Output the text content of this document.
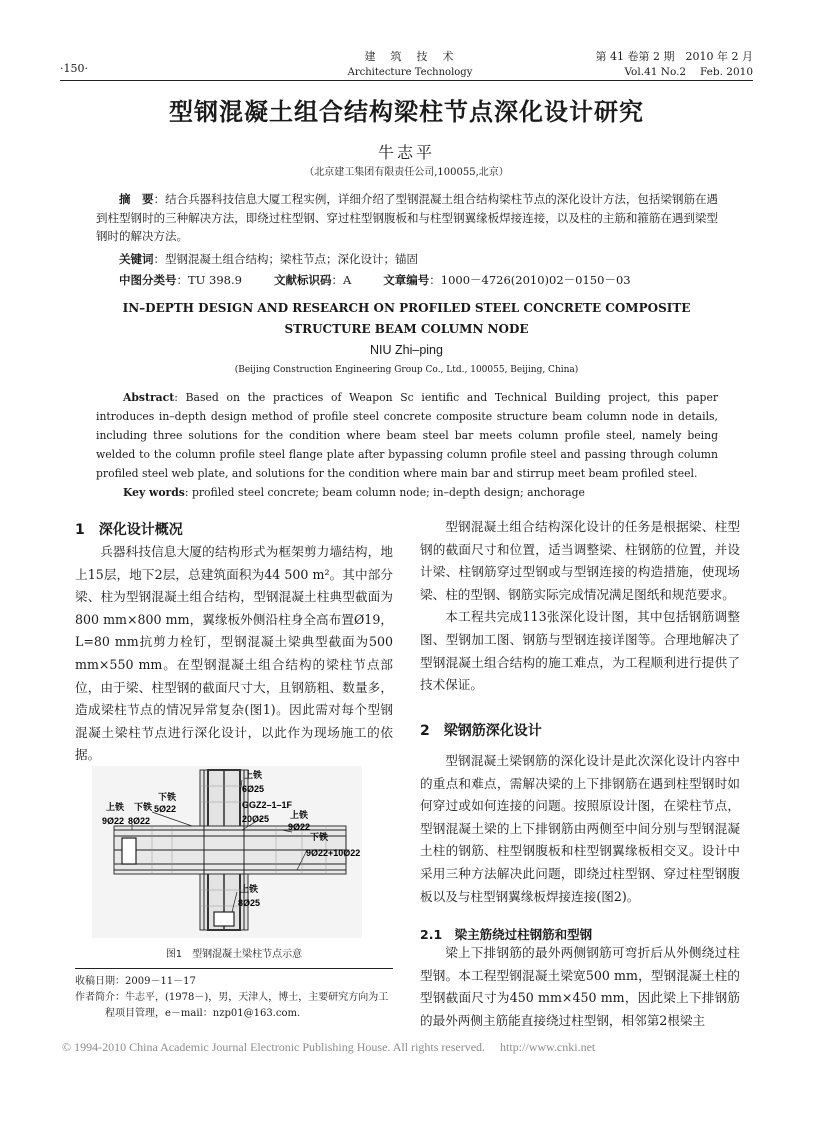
·150·
建　筑　技　术
Architecture Technology
第 41 卷第 2 期　2010 年 2 月
Vol.41 No.2　 Feb. 2010
型钢混凝土组合结构梁柱节点深化设计研究
牛志平
（北京建工集团有限责任公司,100055,北京）
摘　要：结合兵器科技信息大厦工程实例，详细介绍了型钢混凝土组合结构梁柱节点的深化设计方法，包括梁钢筋在遇到柱型钢时的三种解决方法，即绕过柱型钢、穿过柱型钢腹板和与柱型钢翼缘板焊接连接，以及柱的主筋和箍筋在遇到梁型钢时的解决方法。
关键词：型钢混凝土组合结构；梁柱节点；深化设计；锚固
中图分类号：TU 398.9	文献标识码：A	文章编号：1000－4726(2010)02－0150－03
IN–DEPTH DESIGN AND RESEARCH ON PROFILED STEEL CONCRETE COMPOSITE
STRUCTURE BEAM COLUMN NODE
NIU Zhi–ping
(Beijing Construction Engineering Group Co., Ltd., 100055, Beijing, China)
Abstract: Based on the practices of Weapon Sc ientific and Technical Building project, this paper introduces in–depth design method of profile steel concrete composite structure beam column node in details, including three solutions for the condition where beam steel bar meets column profile steel, namely being welded to the column profile steel flange plate after bypassing column profile steel and passing through column profiled steel web plate, and solutions for the condition where main bar and stirrup meet beam profiled steel.
Key words: profiled steel concrete; beam column node; in–depth design; anchorage
1　深化设计概况

兵器科技信息大厦的结构形式为框架剪力墙结构，地上15层，地下2层，总建筑面积为44 500 m²。其中部分梁、柱为型钢混凝土组合结构，型钢混凝土柱典型截面为800 mm×800 mm，翼缘板外侧沿柱身全高布置Ø19，L=80 mm抗剪力栓钉，型钢混凝土梁典型截面为500 mm×550 mm。在型钢混凝土组合结构的梁柱节点部位，由于梁、柱型钢的截面尺寸大，且钢筋粗、数量多，造成梁柱节点的情况异常复杂(图1)。因此需对每个型钢混凝土梁柱节点进行深化设计，以此作为现场施工的依据。

上铁
6Ø25
下铁
5Ø22
上铁
9Ø22
下铁
8Ø22
GGZ2–1–1F
20Ø25 上铁
9Ø22
下铁
9Ø22+10Ø22
上铁
8Ø25
图1　型钢混凝土梁柱节点示意
收稿日期：2009－11－17
作者简介：牛志平，(1978－)，男，天津人，博士，主要研究方向为工程项目管理，e－mail：nzp01@163.com.

型钢混凝土组合结构深化设计的任务是根据梁、柱型钢的截面尺寸和位置，适当调整梁、柱钢筋的位置，并设计梁、柱钢筋穿过型钢或与型钢连接的构造措施，使现场梁、柱的型钢、钢筋实际完成情况满足图纸和规范要求。

本工程共完成113张深化设计图，其中包括钢筋调整图、型钢加工图、钢筋与型钢连接详图等。合理地解决了型钢混凝土组合结构的施工难点，为工程顺利进行提供了技术保证。

2　梁钢筋深化设计

型钢混凝土梁钢筋的深化设计是此次深化设计内容中的重点和难点，需解决梁的上下排钢筋在遇到柱型钢时如何穿过或如何连接的问题。按照原设计图，在梁柱节点，型钢混凝土梁的上下排钢筋由两侧至中间分别与型钢混凝土柱的钢筋、柱型钢腹板和柱型钢翼缘板相交叉。设计中采用三种方法解决此问题，即绕过柱型钢、穿过柱型钢腹板以及与柱型钢翼缘板焊接连接(图2)。

2.1　梁主筋绕过柱钢筋和型钢

梁上下排钢筋的最外两侧钢筋可弯折后从外侧绕过柱型钢。本工程型钢混凝土梁宽500 mm，型钢混凝土柱的型钢截面尺寸为450 mm×450 mm，因此梁上下排钢筋的最外两侧主筋能直接绕过柱型钢，相邻第2根梁主

© 1994-2010 China Academic Journal Electronic Publishing House. All rights reserved.　 http://www.cnki.net
